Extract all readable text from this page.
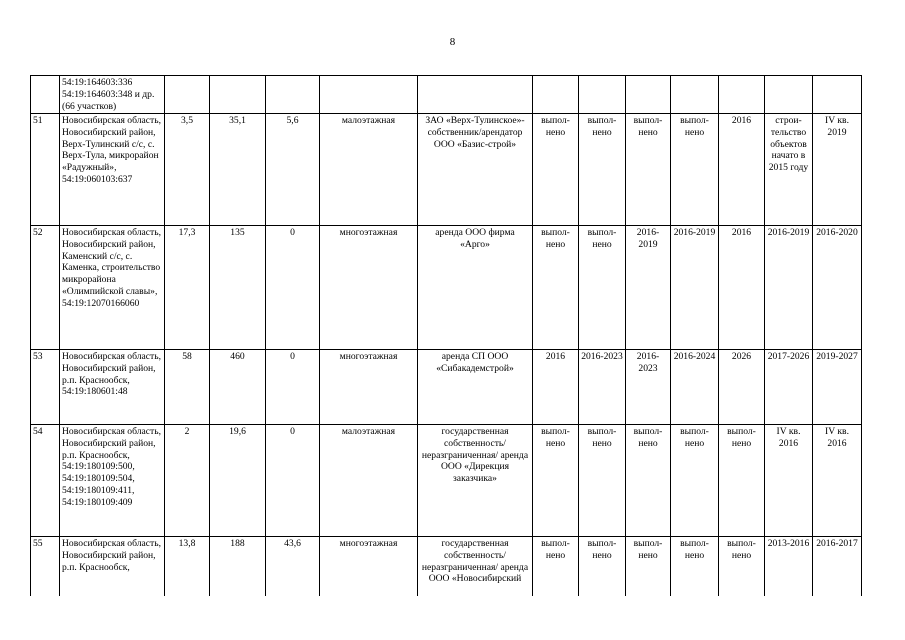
8
	54:19:164603:336
54:19:164603:348 и др. (66 участков)												
51	Новосибирская область, Новосибирский район, Верх-Тулинский с/с, с. Верх-Тула, микрорайон «Радужный», 54:19:060103:637	3,5	35,1	5,6	малоэтажная	ЗАО «Верх-Тулинское»-собственник/арендатор ООО «Базис-строй»	выпол-нено	выпол-нено	выпол-нено	выпол-нено	2016	строи-тельство объектов начато в 2015 году	IV кв. 2019
52	Новосибирская область, Новосибирский район, Каменский с/с, с. Каменка, строительство микрорайона «Олимпийской славы», 54:19:12070166060	17,3	135	0	многоэтажная	аренда ООО фирма «Арго»	выпол-нено	выпол-нено	2016-2019	2016-2019	2016	2016-2019	2016-2020
53	Новосибирская область, Новосибирский район, р.п. Краснообск, 54:19:180601:48	58	460	0	многоэтажная	аренда СП ООО «Сибакадемстрой»	2016	2016-2023	2016-2023	2016-2024	2026	2017-2026	2019-2027
54	Новосибирская область, Новосибирский район, р.п. Краснообск, 54:19:180109:500, 54:19:180109:504, 54:19:180109:411, 54:19:180109:409	2	19,6	0	малоэтажная	государственная собственность/ неразграниченная/ аренда ООО «Дирекция заказчика»	выпол-нено	выпол-нено	выпол-нено	выпол-нено	выпол-нено	IV кв. 2016	IV кв. 2016
55	Новосибирская область, Новосибирский район, р.п. Краснообск,	13,8	188	43,6	многоэтажная	государственная собственность/ неразграниченная/ аренда ООО «Новосибирский	выпол-нено	выпол-нено	выпол-нено	выпол-нено	выпол-нено	2013-2016	2016-2017
